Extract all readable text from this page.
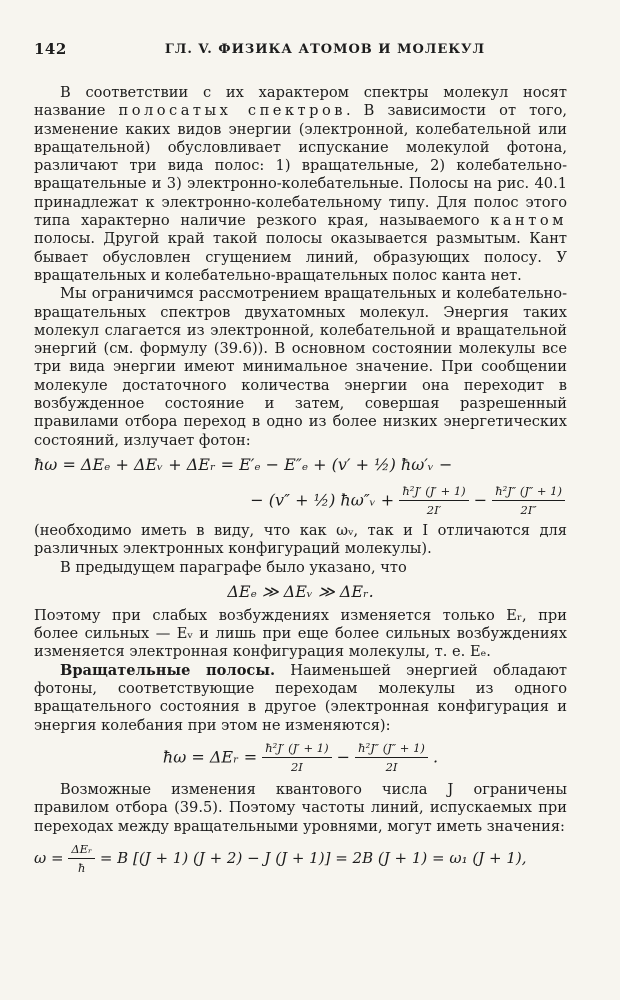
142	ГЛ. V. ФИЗИКА АТОМОВ И МОЛЕКУЛ

В соответствии с их характером спектры молекул носят название полосатых спектров. В зависимости от того, изменение каких видов энергии (электронной, колебательной или вращательной) обусловливает испускание молекулой фотона, различают три вида полос: 1) вращательные, 2) колебательно-вращательные и 3) электронно-колебательные. Полосы на рис. 40.1 принадлежат к электронно-колебательному типу. Для полос этого типа характерно наличие резкого края, называемого кантом полосы. Другой край такой полосы оказывается размытым. Кант бывает обусловлен сгущением линий, образующих полосу. У вращательных и колебательно-вращательных полос канта нет.

Мы ограничимся рассмотрением вращательных и колебательно-вращательных спектров двухатомных молекул. Энергия таких молекул слагается из электронной, колебательной и вращательной энергий (см. формулу (39.6)). В основном состоянии молекулы все три вида энергии имеют минимальное значение. При сообщении молекуле достаточного количества энергии она переходит в возбужденное состояние и затем, совершая разрешенный правилами отбора переход в одно из более низких энергетических состояний, излучает фотон:

ħω = ΔEₑ + ΔEᵥ + ΔEᵣ = E′ₑ − E″ₑ + (v′ + ½) ħω′ᵥ −
− (v″ + ½) ħω″ᵥ + $\frac{\text{ħ²J′ (J′ + 1)}}{2I'} - \frac{\text{ħ²J″ (J″ + 1)}}{2I''}$

(необходимо иметь в виду, что как ωᵥ, так и I отличаются для различных электронных конфигураций молекулы).

В предыдущем параграфе было указано, что

ΔEₑ ≫ ΔEᵥ ≫ ΔEᵣ.

Поэтому при слабых возбуждениях изменяется только Eᵣ, при более сильных — Eᵥ и лишь при еще более сильных возбуждениях изменяется электронная конфигурация молекулы, т. е. Eₑ.

Вращательные полосы. Наименьшей энергией обладают фотоны, соответствующие переходам молекулы из одного вращательного состояния в другое (электронная конфигурация и энергия колебания при этом не изменяются):

ħω = ΔEᵣ = $\frac{\text{ħ²J′ (J′ + 1)}}{2I} - \frac{\text{ħ²J″ (J″ + 1)}}{2I}$ .

Возможные изменения квантового числа J ограничены правилом отбора (39.5). Поэтому частоты линий, испускаемых при переходах между вращательными уровнями, могут иметь значения:

$\omega = \frac{\text{ΔEᵣ}}{ħ} = B$ [(J + 1) (J + 2) − J (J + 1)] = 2B (J + 1) = ω₁ (J + 1),
